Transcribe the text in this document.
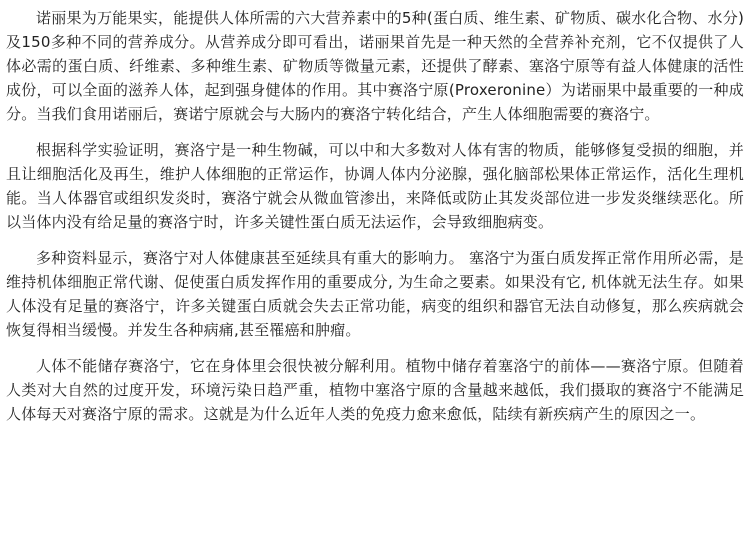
诺丽果为万能果实，能提供人体所需的六大营养素中的5种(蛋白质、维生素、矿物质、碳水化合物、水分)及150多种不同的营养成分。从营养成分即可看出，诺丽果首先是一种天然的全营养补充剂，它不仅提供了人体必需的蛋白质、纤维素、多种维生素、矿物质等微量元素，还提供了酵素、塞洛宁原等有益人体健康的活性成份，可以全面的滋养人体，起到强身健体的作用。其中赛洛宁原(Proxeronine）为诺丽果中最重要的一种成分。当我们食用诺丽后，赛诺宁原就会与大肠内的赛洛宁转化结合，产生人体细胞需要的赛洛宁。

根据科学实验证明，赛洛宁是一种生物碱，可以中和大多数对人体有害的物质，能够修复受损的细胞，并且让细胞活化及再生，维护人体细胞的正常运作，协调人体内分泌腺，强化脑部松果体正常运作，活化生理机能。当人体器官或组织发炎时，赛洛宁就会从微血管渗出，来降低或防止其发炎部位进一步发炎继续恶化。所以当体内没有给足量的赛洛宁时，许多关键性蛋白质无法运作，会导致细胞病变。

多种资料显示，赛洛宁对人体健康甚至延续具有重大的影响力。 塞洛宁为蛋白质发挥正常作用所必需，是维持机体细胞正常代谢、促使蛋白质发挥作用的重要成分, 为生命之要素。如果没有它, 机体就无法生存。如果人体没有足量的赛洛宁，许多关键蛋白质就会失去正常功能，病变的组织和器官无法自动修复，那么疾病就会恢复得相当缓慢。并发生各种病痛,甚至罹癌和肿瘤。

人体不能储存赛洛宁，它在身体里会很快被分解利用。植物中储存着塞洛宁的前体——赛洛宁原。但随着人类对大自然的过度开发，环境污染日趋严重，植物中塞洛宁原的含量越来越低，我们摄取的赛洛宁不能满足人体每天对赛洛宁原的需求。这就是为什么近年人类的免疫力愈来愈低，陆续有新疾病产生的原因之一。
